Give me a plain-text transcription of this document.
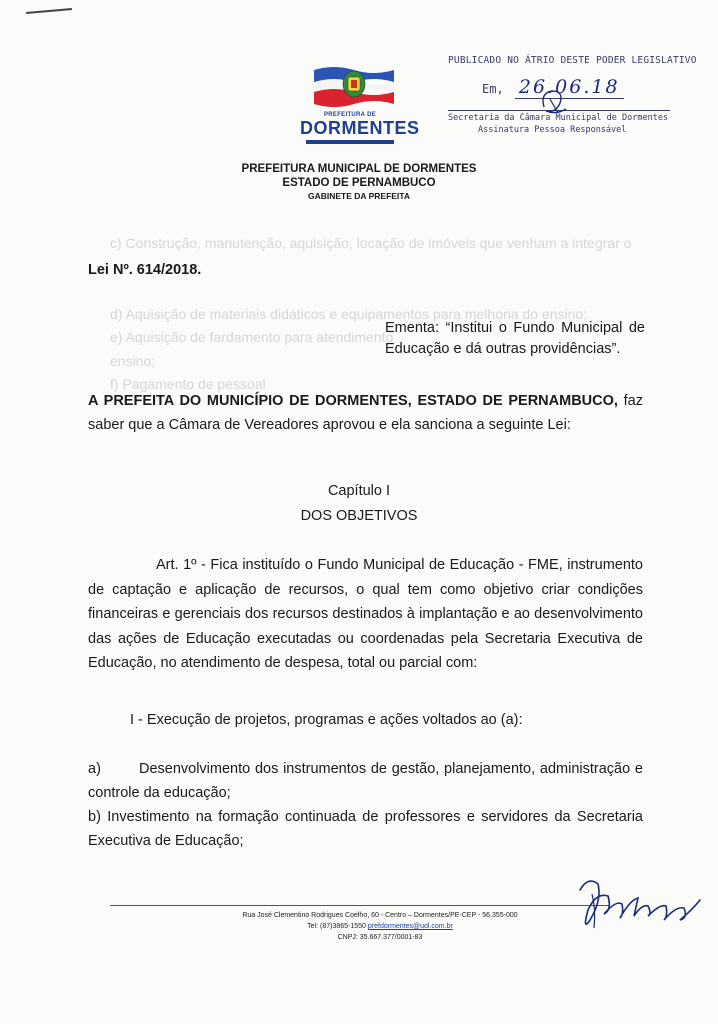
c) Construção, manutenção, aquisição, locação de imóveis que venham a integrar o

d) Aquisição de materiais didáticos e equipamentos para melhoria do ensino;
e) Aquisição de fardamento para atendimento
ensino;
f) Pagamento de pessoal
PREFEITURA DE
DORMENTES
PUBLICADO NO ÁTRIO DESTE PODER LEGISLATIVO
Em, 26.06.18
Secretaria da Câmara Municipal de Dormentes
Assinatura Pessoa Responsável
PREFEITURA MUNICIPAL DE DORMENTES
ESTADO DE PERNAMBUCO
GABINETE DA PREFEITA
Lei Nº. 614/2018.
Ementa: “Institui o Fundo Municipal de Educação e dá outras providências”.
A PREFEITA DO MUNICÍPIO DE DORMENTES, ESTADO DE PERNAMBUCO, faz saber que a Câmara de Vereadores aprovou e ela sanciona a seguinte Lei:
Capítulo I
DOS OBJETIVOS
Art. 1º - Fica instituído o Fundo Municipal de Educação - FME, instrumento de captação e aplicação de recursos, o qual tem como objetivo criar condições financeiras e gerenciais dos recursos destinados à implantação e ao desenvolvimento das ações de Educação executadas ou coordenadas pela Secretaria Executiva de Educação, no atendimento de despesa, total ou parcial com:
I - Execução de projetos, programas e ações voltados ao (a):
a)	Desenvolvimento dos instrumentos de gestão, planejamento, administração e controle da educação;
b) Investimento na formação continuada de professores e servidores da Secretaria Executiva de Educação;
Rua José Clementino Rodrigues Coelho, 60 - Centro – Dormentes/PE-CEP - 56.355-000
Tel: (87)3865-1550 prefdormentes@uol.com.br
CNPJ: 35.667.377/0001-83
